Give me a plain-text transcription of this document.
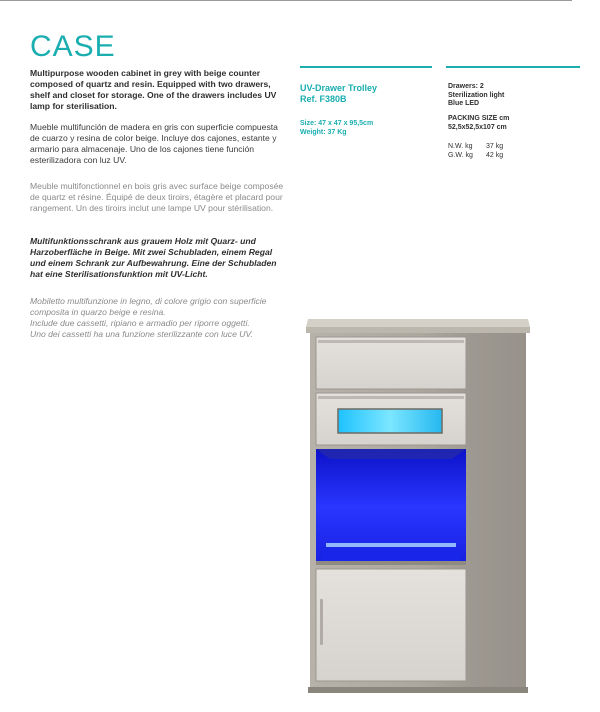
CASE

Multipurpose wooden cabinet in grey with beige counter composed of quartz and resin. Equipped with two drawers, shelf and closet for storage. One of the drawers includes UV lamp for sterilisation.

Mueble multifunción de madera en gris con superficie compuesta de cuarzo y resina de color beige. Incluye dos cajones, estante y armario para almacenaje. Uno de los cajones tiene función esterilizadora con luz UV.

Meuble multifonctionnel en bois gris avec surface beige composée de quartz et résine. Équipé de deux tiroirs, étagère et placard pour rangement. Un des tiroirs inclut une lampe UV pour stérilisation.

Multifunktionsschrank aus grauem Holz mit Quarz- und Harzoberfläche in Beige. Mit zwei Schubladen, einem Regal und einem Schrank zur Aufbewahrung. Eine der Schubladen hat eine Sterilisationsfunktion mit UV-Licht.

Mobiletto multifunzione in legno, di colore grigio con superficie composita in quarzo beige e resina.
Include due cassetti, ripiano e armadio per riporre oggetti.
Uno dei cassetti ha una funzione sterilizzante con luce UV.

UV-Drawer Trolley
Ref. F380B
Size: 47 x 47 x 95,5cm
Weight: 37 Kg
Drawers: 2
Sterilization light
Blue LED
PACKING SIZE cm
52,5x52,5x107 cm
N.W. kg	37 kg
G.W. kg	42 kg
